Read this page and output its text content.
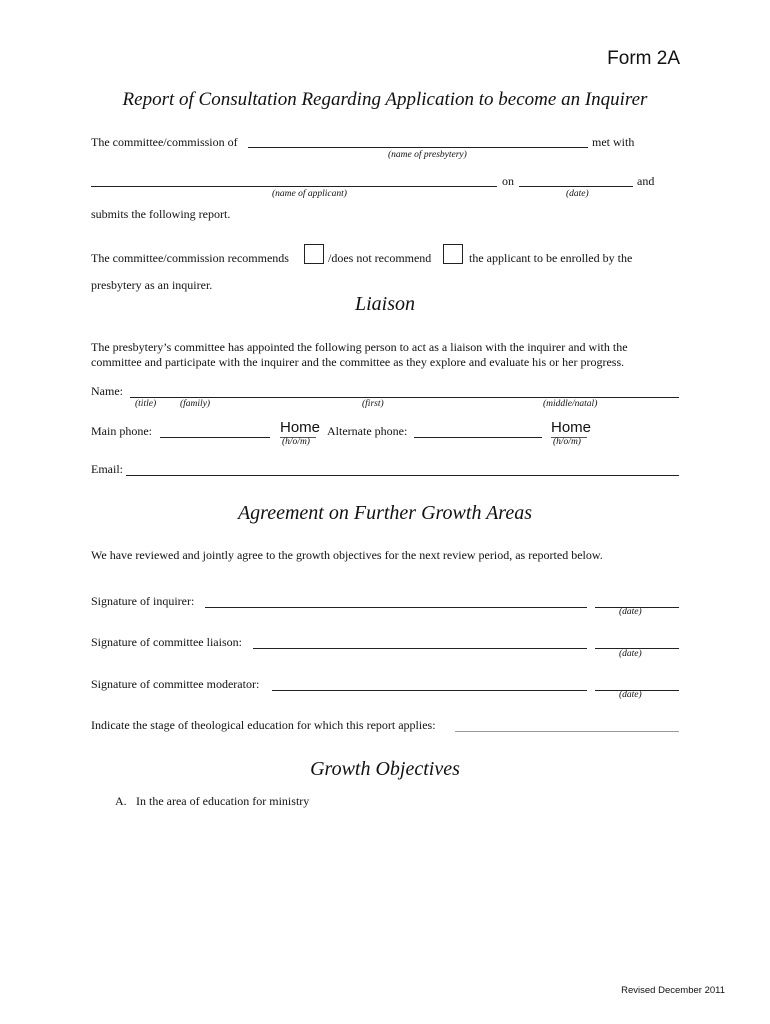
Form 2A
Report of Consultation Regarding Application to become an Inquirer
The committee/commission of	met with
(name of presbytery)
on	and
(name of applicant)	(date)
submits the following report.
The committee/commission recommends	/does not recommend	the applicant to be enrolled by the
presbytery as an inquirer.
Liaison
The presbytery’s committee has appointed the following person to act as a liaison with the inquirer and with the
committee and participate with the inquirer and the committee as they explore and evaluate his or her progress.
Name:
(title)	(family)	(first)	(middle/natal)
Main phone:	Home
(h/o/m)
Alternate phone:	Home
(h/o/m)
Email:
Agreement on Further Growth Areas
We have reviewed and jointly agree to the growth objectives for the next review period, as reported below.
Signature of inquirer:
(date)
Signature of committee liaison:
(date)
Signature of committee moderator:
(date)
Indicate the stage of theological education for which this report applies:
Growth Objectives
A. In the area of education for ministry
Revised December 2011
